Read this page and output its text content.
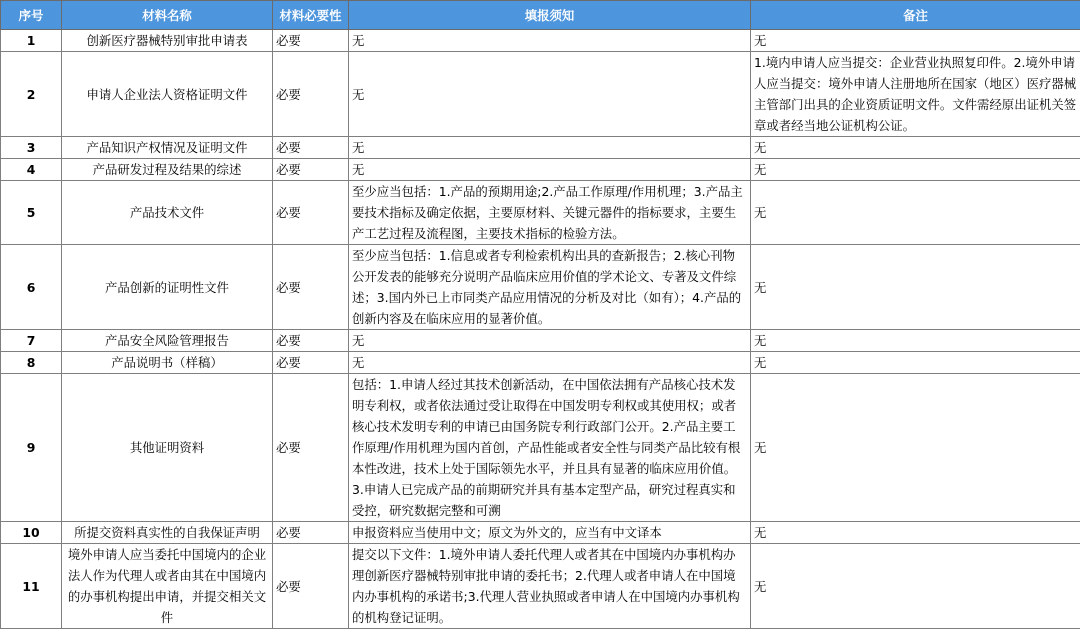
序号	材料名称	材料必要性	填报须知	备注
1	创新医疗器械特别审批申请表	必要	无	无
2	申请人企业法人资格证明文件	必要	无	1.境内申请人应当提交：企业营业执照复印件。2.境外申请人应当提交：境外申请人注册地所在国家（地区）医疗器械主管部门出具的企业资质证明文件。文件需经原出证机关签章或者经当地公证机构公证。
3	产品知识产权情况及证明文件	必要	无	无
4	产品研发过程及结果的综述	必要	无	无
5	产品技术文件	必要	至少应当包括：1.产品的预期用途;2.产品工作原理/作用机理；3.产品主要技术指标及确定依据，主要原材料、关键元器件的指标要求，主要生产工艺过程及流程图，主要技术指标的检验方法。	无
6	产品创新的证明性文件	必要	至少应当包括：1.信息或者专利检索机构出具的查新报告；2.核心刊物公开发表的能够充分说明产品临床应用价值的学术论文、专著及文件综述；3.国内外已上市同类产品应用情况的分析及对比（如有）；4.产品的创新内容及在临床应用的显著价值。	无
7	产品安全风险管理报告	必要	无	无
8	产品说明书（样稿）	必要	无	无
9	其他证明资料	必要	包括：1.申请人经过其技术创新活动，在中国依法拥有产品核心技术发明专利权，或者依法通过受让取得在中国发明专利权或其使用权；或者核心技术发明专利的申请已由国务院专利行政部门公开。2.产品主要工作原理/作用机理为国内首创，产品性能或者安全性与同类产品比较有根本性改进，技术上处于国际领先水平，并且具有显著的临床应用价值。3.申请人已完成产品的前期研究并具有基本定型产品，研究过程真实和受控，研究数据完整和可溯	无
10	所提交资料真实性的自我保证声明	必要	申报资料应当使用中文；原文为外文的，应当有中文译本	无
11	境外申请人应当委托中国境内的企业法人作为代理人或者由其在中国境内的办事机构提出申请，并提交相关文件	必要	提交以下文件：1.境外申请人委托代理人或者其在中国境内办事机构办理创新医疗器械特别审批申请的委托书；2.代理人或者申请人在中国境内办事机构的承诺书;3.代理人营业执照或者申请人在中国境内办事机构的机构登记证明。	无
